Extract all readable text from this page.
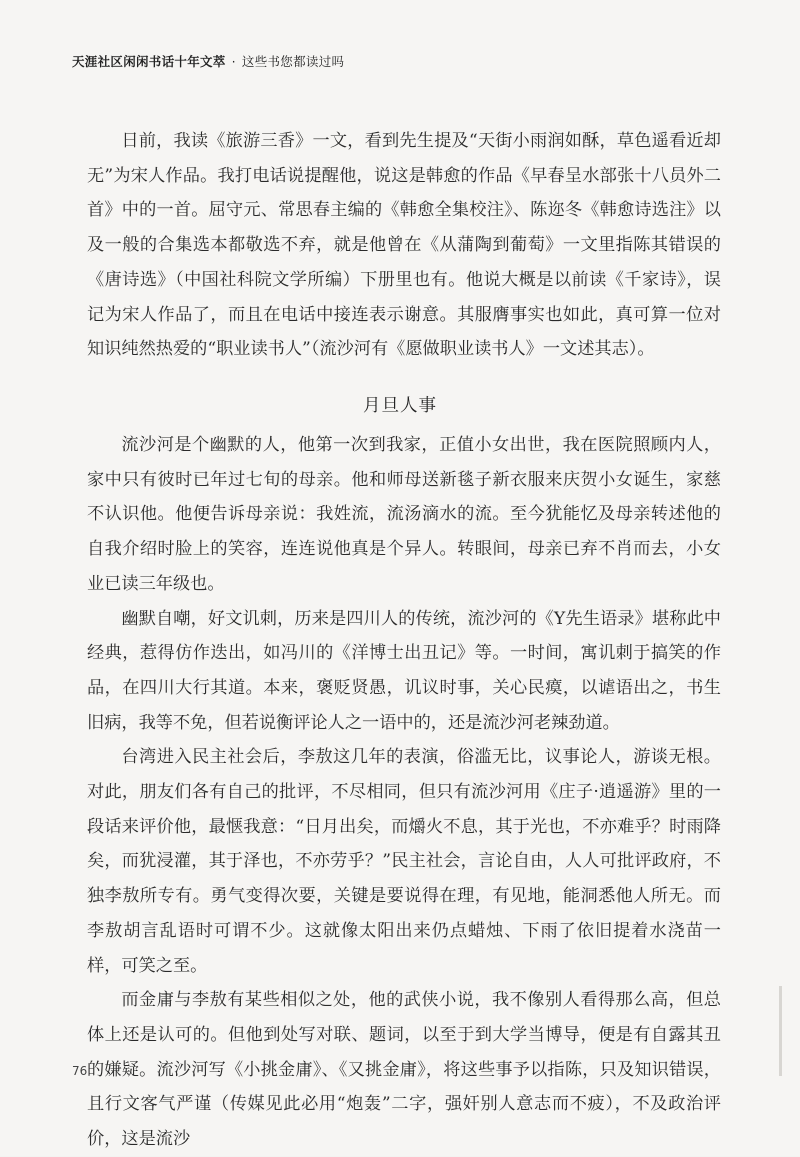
天涯社区闲闲书话十年文萃 · 这些书您都读过吗

日前，我读《旅游三香》一文，看到先生提及“天街小雨润如酥，草色遥看近却无”为宋人作品。我打电话说提醒他，说这是韩愈的作品《早春呈水部张十八员外二首》中的一首。屈守元、常思春主编的《韩愈全集校注》、陈迩冬《韩愈诗选注》以及一般的合集选本都敬选不弃，就是他曾在《从蒲陶到葡萄》一文里指陈其错误的《唐诗选》（中国社科院文学所编）下册里也有。他说大概是以前读《千家诗》，误记为宋人作品了，而且在电话中接连表示谢意。其服膺事实也如此，真可算一位对知识纯然热爱的“职业读书人”（流沙河有《愿做职业读书人》一文述其志）。

月旦人事

流沙河是个幽默的人，他第一次到我家，正值小女出世，我在医院照顾内人，家中只有彼时已年过七旬的母亲。他和师母送新毯子新衣服来庆贺小女诞生，家慈不认识他。他便告诉母亲说：我姓流，流汤滴水的流。至今犹能忆及母亲转述他的自我介绍时脸上的笑容，连连说他真是个异人。转眼间，母亲已弃不肖而去，小女业已读三年级也。

幽默自嘲，好文讥刺，历来是四川人的传统，流沙河的《Y先生语录》堪称此中经典，惹得仿作迭出，如冯川的《洋博士出丑记》等。一时间，寓讥刺于搞笑的作品，在四川大行其道。本来，褒贬贤愚，讥议时事，关心民瘼，以谑语出之，书生旧病，我等不免，但若说衡评论人之一语中的，还是流沙河老辣劲道。

台湾进入民主社会后，李敖这几年的表演，俗滥无比，议事论人，游谈无根。对此，朋友们各有自己的批评，不尽相同，但只有流沙河用《庄子·逍遥游》里的一段话来评价他，最惬我意：“日月出矣，而爝火不息，其于光也，不亦难乎？时雨降矣，而犹浸灌，其于泽也，不亦劳乎？”民主社会，言论自由，人人可批评政府，不独李敖所专有。勇气变得次要，关键是要说得在理，有见地，能洞悉他人所无。而李敖胡言乱语时可谓不少。这就像太阳出来仍点蜡烛、下雨了依旧提着水浇苗一样，可笑之至。

而金庸与李敖有某些相似之处，他的武侠小说，我不像别人看得那么高，但总体上还是认可的。但他到处写对联、题词，以至于到大学当博导，便是有自露其丑的嫌疑。流沙河写《小挑金庸》、《又挑金庸》，将这些事予以指陈，只及知识错误，且行文客气严谨（传媒见此必用“炮轰”二字，强奸别人意志而不疲），不及政治评价，这是流沙

76
